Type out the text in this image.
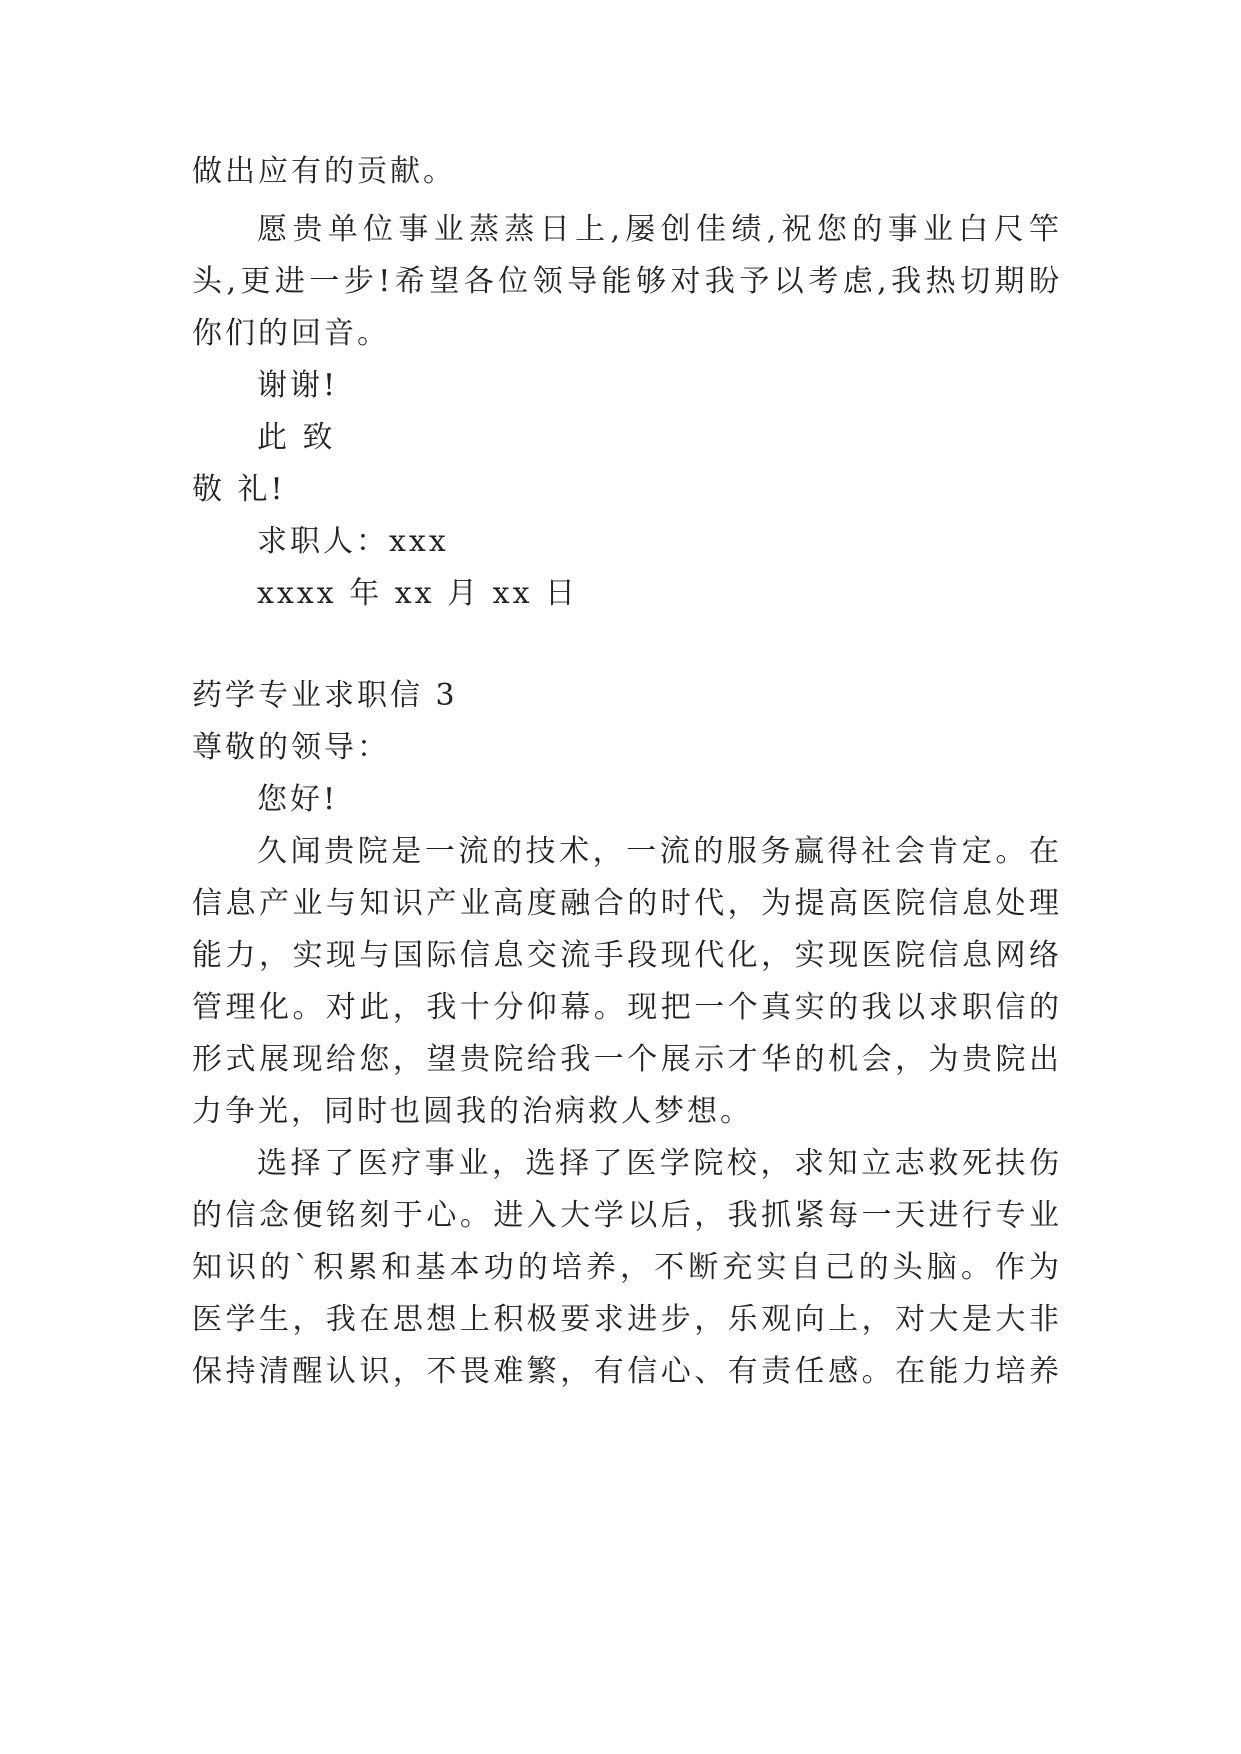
做出应有的贡献。
愿贵单位事业蒸蒸日上,屡创佳绩,祝您的事业白尺竿
头,更进一步!希望各位领导能够对我予以考虑,我热切期盼
你们的回音。
谢谢!
此 致
敬 礼!
求职人：xxx
xxxx 年 xx 月 xx 日
药学专业求职信 3
尊敬的领导：
您好!
久闻贵院是一流的技术，一流的服务赢得社会肯定。在
信息产业与知识产业高度融合的时代，为提高医院信息处理
能力，实现与国际信息交流手段现代化，实现医院信息网络
管理化。对此，我十分仰幕。现把一个真实的我以求职信的
形式展现给您，望贵院给我一个展示才华的机会，为贵院出
力争光，同时也圆我的治病救人梦想。
选择了医疗事业，选择了医学院校，求知立志救死扶伤
的信念便铭刻于心。进入大学以后，我抓紧每一天进行专业
知识的`积累和基本功的培养，不断充实自己的头脑。作为
医学生，我在思想上积极要求进步，乐观向上，对大是大非
保持清醒认识，不畏难繁，有信心、有责任感。在能力培养
